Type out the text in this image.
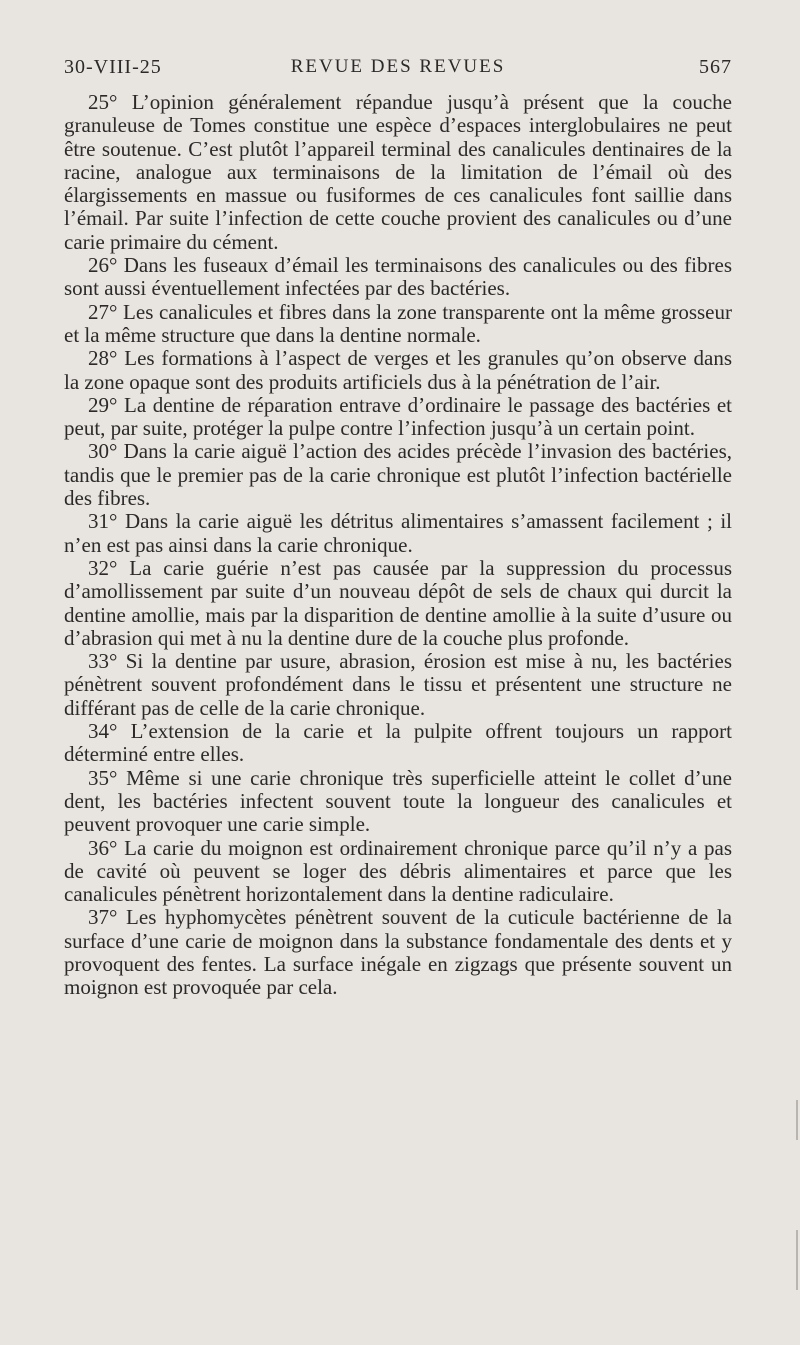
30-VIII-25	REVUE DES REVUES	567

25° L’opinion généralement répandue jusqu’à présent que la couche granuleuse de Tomes constitue une espèce d’espaces interglobulaires ne peut être soutenue. C’est plutôt l’appareil terminal des canalicules dentinaires de la racine, analogue aux terminaisons de la limitation de l’émail où des élargissements en massue ou fusiformes de ces canalicules font saillie dans l’émail. Par suite l’infection de cette couche provient des canalicules ou d’une carie primaire du cément.

26° Dans les fuseaux d’émail les terminaisons des canalicules ou des fibres sont aussi éventuellement infectées par des bactéries.

27° Les canalicules et fibres dans la zone transparente ont la même grosseur et la même structure que dans la dentine normale.

28° Les formations à l’aspect de verges et les granules qu’on observe dans la zone opaque sont des produits artificiels dus à la pénétration de l’air.

29° La dentine de réparation entrave d’ordinaire le passage des bactéries et peut, par suite, protéger la pulpe contre l’infection jusqu’à un certain point.

30° Dans la carie aiguë l’action des acides précède l’invasion des bactéries, tandis que le premier pas de la carie chronique est plutôt l’infection bactérielle des fibres.

31° Dans la carie aiguë les détritus alimentaires s’amassent facilement ; il n’en est pas ainsi dans la carie chronique.

32° La carie guérie n’est pas causée par la suppression du processus d’amollissement par suite d’un nouveau dépôt de sels de chaux qui durcit la dentine amollie, mais par la disparition de dentine amollie à la suite d’usure ou d’abrasion qui met à nu la dentine dure de la couche plus profonde.

33° Si la dentine par usure, abrasion, érosion est mise à nu, les bactéries pénètrent souvent profondément dans le tissu et présentent une structure ne différant pas de celle de la carie chronique.

34° L’extension de la carie et la pulpite offrent toujours un rapport déterminé entre elles.

35° Même si une carie chronique très superficielle atteint le collet d’une dent, les bactéries infectent souvent toute la longueur des canalicules et peuvent provoquer une carie simple.

36° La carie du moignon est ordinairement chronique parce qu’il n’y a pas de cavité où peuvent se loger des débris alimentaires et parce que les canalicules pénètrent horizontalement dans la dentine radiculaire.

37° Les hyphomycètes pénètrent souvent de la cuticule bactérienne de la surface d’une carie de moignon dans la substance fondamentale des dents et y provoquent des fentes. La surface inégale en zigzags que présente souvent un moignon est provoquée par cela.
